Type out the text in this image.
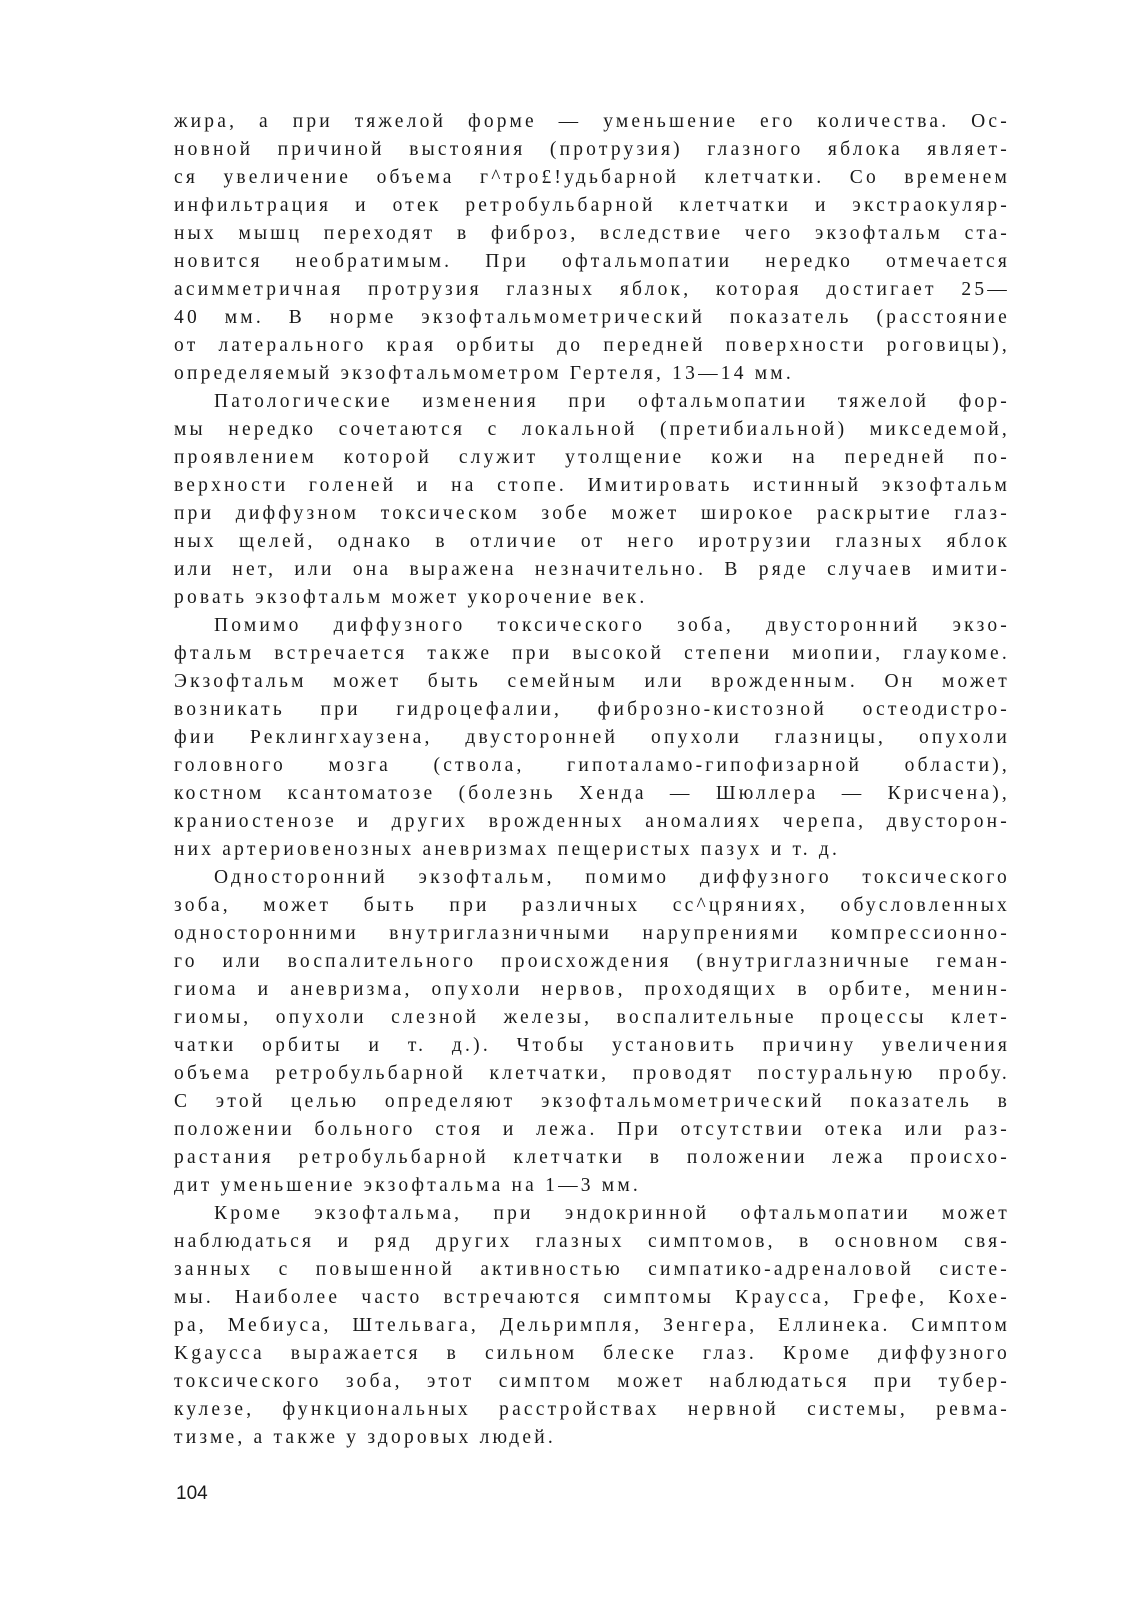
жира, а при тяжелой форме — уменьшение его количества. Ос-
новной причиной выстояния (протрузия) глазного яблока являет-
ся увеличение объема г^тро£!удьбарной клетчатки. Со временем
инфильтрация и отек ретробульбарной клетчатки и экстраокуляр-
ных мышц переходят в фиброз, вследствие чего экзофтальм ста-
новится необратимым. При офтальмопатии нередко отмечается
асимметричная протрузия глазных яблок, которая достигает 25—
40 мм. В норме экзофтальмометрический показатель (расстояние
от латерального края орбиты до передней поверхности роговицы),
определяемый экзофтальмометром Гертеля, 13—14 мм.
Патологические изменения при офтальмопатии тяжелой фор-
мы нередко сочетаются с локальной (претибиальной) микседемой,
проявлением которой служит утолщение кожи на передней по-
верхности голеней и на стопе. Имитировать истинный экзофтальм
при диффузном токсическом зобе может широкое раскрытие глаз-
ных щелей, однако в отличие от него иротрузии глазных яблок
или нет, или она выражена незначительно. В ряде случаев имити-
ровать экзофтальм может укорочение век.
Помимо диффузного токсического зоба, двусторонний экзо-
фтальм встречается также при высокой степени миопии, глаукоме.
Экзофтальм может быть семейным или врожденным. Он может
возникать при гидроцефалии, фиброзно-кистозной остеодистро-
фии Реклингхаузена, двусторонней опухоли глазницы, опухоли
головного мозга (ствола, гипоталамо-гипофизарной области),
костном ксантоматозе (болезнь Хенда — Шюллера — Крисчена),
краниостенозе и других врожденных аномалиях черепа, двусторон-
них артериовенозных аневризмах пещеристых пазух и т. д.
Односторонний экзофтальм, помимо диффузного токсического
зоба, может быть при различных сс^цряниях, обусловленных
односторонними внутриглазничными нарупрениями компрессионно-
го или воспалительного происхождения (внутриглазничные геман-
гиома и аневризма, опухоли нервов, проходящих в орбите, менин-
гиомы, опухоли слезной железы, воспалительные процессы клет-
чатки орбиты и т. д.). Чтобы установить причину увеличения
объема ретробульбарной клетчатки, проводят постуральную пробу.
С этой целью определяют экзофтальмометрический показатель в
положении больного стоя и лежа. При отсутствии отека или раз-
растания ретробульбарной клетчатки в положении лежа происхо-
дит уменьшение экзофтальма на 1—3 мм.
Кроме экзофтальма, при эндокринной офтальмопатии может
наблюдаться и ряд других глазных симптомов, в основном свя-
занных с повышенной активностью симпатико-адреналовой систе-
мы. Наиболее часто встречаются симптомы Краусса, Грефе, Кохе-
ра, Мебиуса, Штельвага, Дельримпля, Зенгера, Еллинека. Симптом
Kgaусса выражается в сильном блеске глаз. Кроме диффузного
токсического зоба, этот симптом может наблюдаться при тубер-
кулезе, функциональных расстройствах нервной системы, ревма-
тизме, а также у здоровых людей.
104
